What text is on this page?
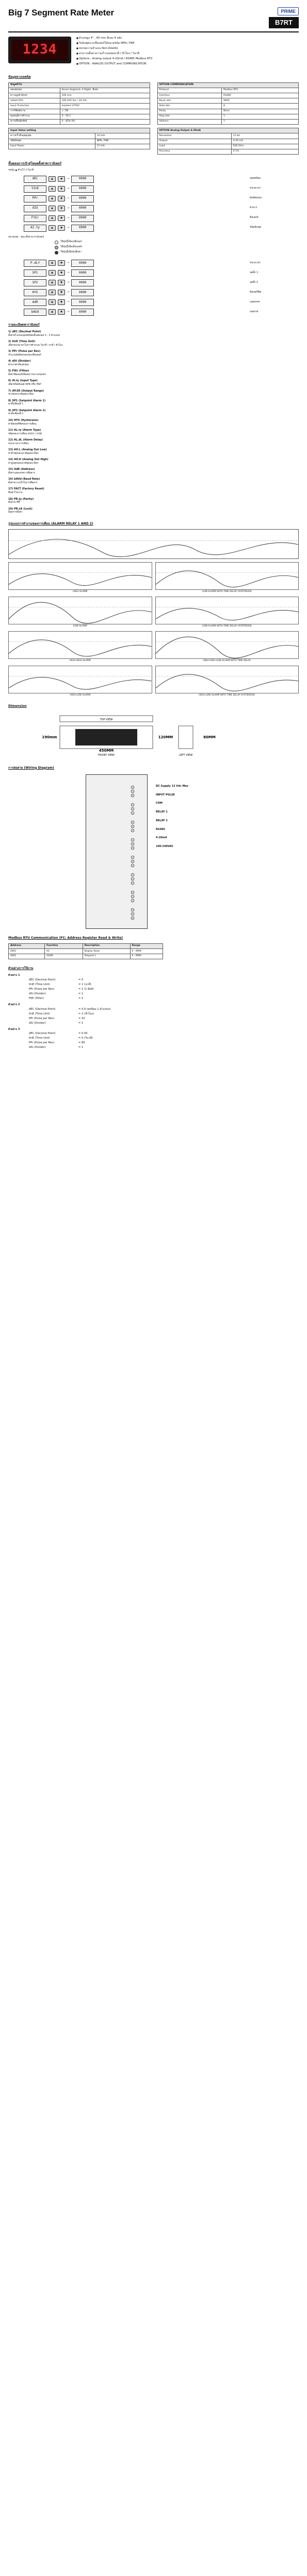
Big 7 Segment Rate Meter	PRIME
B7RT
1234
■ ตัวเลขสูง 4" , 40 mm สีแดง 4 หลัก
■ รับอินพุตจากเซ็นเซอร์ได้หลายชนิด NPN / PNP
■ หน่วยความจำแบบ Non-Volatile
■ สามารถตั้งค่าความเร็วรอบต่อนาที / ชั่วโมง / วินาที
■ Options : Analog output 4-20mA / RS485 Modbus RTU
■ OPTION : ANALOG OUTPUT and COMMUNICATION
ข้อมูลทางเทคนิค
ข้อมูลทั่วไป	
จอแสดงผล	Seven Segment, 4 Digits, สีแดง
ความสูงตัวอักษร	100 mm
แหล่งจ่ายไฟ	100-240 Vac / 24 Vdc
Input Protection	Isolated 3750V
การใช้พลังงาน	< 7W
อุณหภูมิการทำงาน	0 - 50 C
ความชื้นสัมพัทธ์	0 - 85% RH
Input Value setting	
ความเร็วอินพุตสูงสุด	10 kHz
ชนิดอินพุต	NPN / PNP
Input Power	12 Vdc
OPTION COMMUNICATION	
Protocol	Modbus RTU
Interface	RS485
Baud rate	9600
Data bits	8
Parity	None
Stop bits	1
Address	1
OPTION Analog Output 4-20mA	
Resolution	12 bit
Output	4-20 mA
Load	500 Ohm
Accuracy	0.1%
ขั้นตอนการเข้าสู่โหมดตั้งค่าพารามิเตอร์
กดปุ่ม ▲ ค้างไว้ 3 วินาที
dEC	▲	◆	→	0000	จุดทศนิยม
tInE	▲	◆	→	0000	หน่วยเวลา
PPr	▲	◆	→	0000	พัลส์ต่อรอบ
dIU	▲	◆	→	0000	ตัวหาร
FtEr	▲	◆	→	0000	ฟิลเตอร์
AI.ty	▲	◆	→	0000	ชนิดอินพุต
หมายเหตุ : ขณะตั้งค่าพารามิเตอร์
ใช้ปุ่มนี้เพื่อเปลี่ยนค่า
ใช้ปุ่มนี้เพื่อเลื่อนหลัก
ใช้ปุ่มนี้เพื่อบันทึกค่า
P.dLY	▲	◆	→	0000	หน่วงเวลา
SP1	▲	◆	→	0000	จุดตั้ง 1
SP2	▲	◆	→	0000	จุดตั้ง 2
HYS	▲	◆	→	0000	ฮิสเทอรีซิส
AdR	▲	◆	→	0000	แอดเดรส
bAUd	▲	◆	→	0000	บอดเรท
รายละเอียดพารามิเตอร์
1) dEC (Decimal Point)
ตั้งค่าตำแหน่งจุดทศนิยมที่แสดงผล 0 - 3 ตำแหน่ง
2) tInE (Time Unit)
เลือกหน่วยเวลาในการคำนวณ วินาที / นาที / ชั่วโมง
3) PPr (Pulse per Rev)
จำนวนพัลส์ต่อรอบของเซ็นเซอร์
4) dIU (Divider)
ตัวหารค่าที่แสดงผล
5) FtEr (Filter)
ตั้งค่าฟิลเตอร์เพื่อลดการแกว่งของค่า
6) AI.ty (Input Type)
เลือกชนิดอินพุต NPN หรือ PNP
7) AP.SR (Output Range)
ช่วงของเอาต์พุตอนาล็อก
8) SP1 (Setpoint Alarm 1)
ค่าตั้งเตือนที่ 1
9) SP2 (Setpoint Alarm 2)
ค่าตั้งเตือนที่ 2
10) HYS (Hysteresis)
ค่าฮิสเทอรีซิสของการเตือน
11) AL.ty (Alarm Type)
ชนิดของการเตือน HIGH / LOW
12) AL.dL (Alarm Delay)
หน่วงเวลาการเตือน
13) AO.L (Analog Out Low)
ค่าต่ำสุดของเอาต์พุตอนาล็อก
14) AO.H (Analog Out High)
ค่าสูงสุดของเอาต์พุตอนาล็อก
15) AdR (Address)
ตั้งค่าแอดเดรสการสื่อสาร
16) bAUd (Baud Rate)
ตั้งค่าความเร็วในการสื่อสาร
17) FACT (Factory Reset)
คืนค่าโรงงาน
18) PR.ty (Parity)
ตั้งค่าพาริตี้
19) PR.LK (Lock)
ล็อคการตั้งค่า
รูปแบบการทำงานของการเตือน (ALARM RELAY 1 AND 2)
HIGH ALARM	LOW ALARM WITH TIME DELAY HYSTERESIS
LOW ALARM	LOW ALARM WITH TIME DELAY HYSTERESIS
HIGH-HIGH ALARM	HIGH-HIGH LOW ALARM WITH TIME DELAY
HIGH-LOW ALARM	HIGH-LOW ALARM WITH TIME DELAY HYSTERESIS
Dimension
TOP VIEW
FRONT VIEW
450MM
190mm
LEFT VIEW
120MM	80MM
การต่อสาย (Wiring Diagram)
DC Supply 12 Vdc Max
INPUT PULSE
COM
RELAY 1
RELAY 2
RS485
4-20mA
100-240VAC
Modbus RTU Communication (FC: Address Register Read & Write)
Address	Function	Description	Range
0001	03	Display Value	0 - 9999
0002	03/06	Setpoint 1	0 - 9999
ตัวอย่างการใช้งาน
ตัวอย่าง 1
dEC (Decimal Point)	= 0
tInE (Time Unit)	= 1 (นาที)
PPr (Pulse per Rev)	= 1 (1 พัลส์)
dIU (Divider)	= 1
FtEr (Filter)	= 1
ตัวอย่าง 2
dEC (Decimal Point)	= 0.0 (ทศนิยม 1 ตำแหน่ง)
tInE (Time Unit)	= 2 (ชั่วโมง)
PPr (Pulse per Rev)	= 10
dIU (Divider)	= 1
ตัวอย่าง 3
dEC (Decimal Point)	= 0.00
tInE (Time Unit)	= 0 (วินาที)
PPr (Pulse per Rev)	= 60
dIU (Divider)	= 1
